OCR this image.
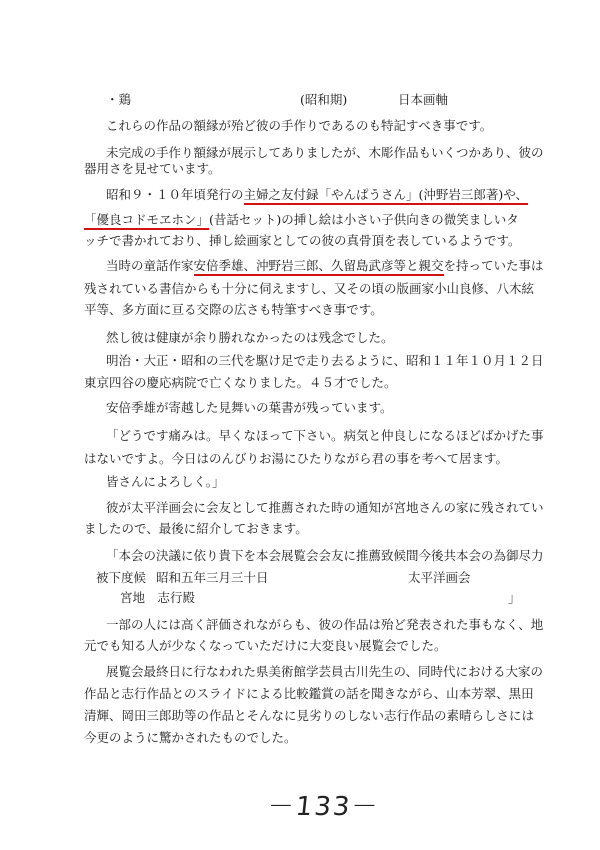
・鶏	(昭和期)	日本画軸
これらの作品の額縁が殆ど彼の手作りであるのも特記すべき事です。
未完成の手作り額縁が展示してありましたが、木彫作品もいくつかあり、彼の
器用さを見せています。
昭和９・１０年頃発行の主婦之友付録「やんぱうさん」(沖野岩三郎著)や、
「優良コドモヱホン」(昔話セット)の挿し絵は小さい子供向きの微笑ましいタ
ッチで書かれており、挿し絵画家としての彼の真骨頂を表しているようです。
当時の童話作家安倍季雄、沖野岩三郎、久留島武彦等と親交を持っていた事は
残されている書信からも十分に伺えますし、又その頃の版画家小山良修、八木絃
平等、多方面に亘る交際の広さも特筆すべき事です。
然し彼は健康が余り勝れなかったのは残念でした。
明治・大正・昭和の三代を駆け足で走り去るように、昭和１１年１０月１２日
東京四谷の慶応病院で亡くなりました。４５才でした。
安倍季雄が寄越した見舞いの葉書が残っています。
「どうです痛みは。早くなほって下さい。病気と仲良しになるほどばかげた事
はないですよ。今日はのんびりお湯にひたりながら君の事を考へて居ます。
皆さんによろしく。」
彼が太平洋画会に会友として推薦された時の通知が宮地さんの家に残されてい
ましたので、最後に紹介しておきます。
「本会の決議に依り貴下を本会展覧会会友に推薦致候間今後共本会の為御尽力
被下度候 昭和五年三月三十日	太平洋画会
宮地　志行殿	」
一部の人には高く評価されながらも、彼の作品は殆ど発表された事もなく、地
元でも知る人が少なくなっていただけに大変良い展覧会でした。
展覧会最終日に行なわれた県美術館学芸員古川先生の、同時代における大家の
作品と志行作品とのスライドによる比較鑑賞の話を聞きながら、山本芳翠、黒田
清輝、岡田三郎助等の作品とそんなに見劣りのしない志行作品の素晴らしさには
今更のように驚かされたものでした。
－133－
